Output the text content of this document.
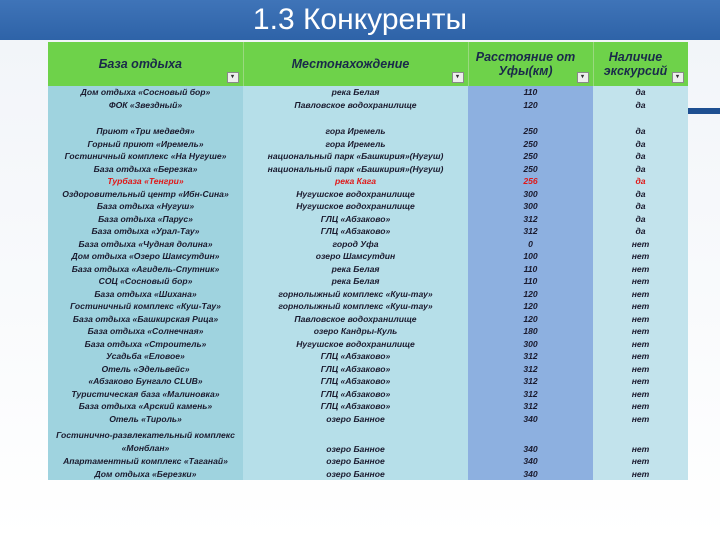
1.3 Конкуренты
База отдыха
▾	Местонахождение
▾	Расстояние от Уфы(км) ▾	Наличие экскурсий ▾

Дом отдыха «Сосновый бор»	река Белая	110	да
ФОК «Звездный»	Павловское водохранилище	120	да

Приют «Три медведя»	гора Иремель	250	да
Горный приют «Иремель»	гора Иремель	250	да
Гостиничный комплекс «На Нугуше»	национальный парк «Башкирия»(Нугуш)	250	да
База отдыха «Березка»	национальный парк «Башкирия»(Нугуш)	250	да
Турбаза «Тенгри»	река Кага	256	да
Оздоровительный центр «Ибн-Сина»	Нугушское водохранилище	300	да
База отдыха «Нугуш»	Нугушское водохранилище	300	да
База отдыха «Парус»	ГЛЦ «Абзаково»	312	да
База отдыха «Урал-Тау»	ГЛЦ «Абзаково»	312	да
База отдыха «Чудная долина»	город Уфа	0	нет
Дом отдыха «Озеро Шамсутдин»	озеро Шамсутдин	100	нет
База отдыха «Агидель-Спутник»	река Белая	110	нет
СОЦ «Сосновый бор»	река Белая	110	нет
База отдыха «Шихана»	горнолыжный комплекс «Куш-тау»	120	нет
Гостиничный комплекс «Куш-Тау»	горнолыжный комплекс «Куш-тау»	120	нет
База отдыха «Башкирская Рица»	Павловское водохранилище	120	нет
База отдыха «Солнечная»	озеро Кандры-Куль	180	нет
База отдыха «Строитель»	Нугушское водохранилище	300	нет
Усадьба «Еловое»	ГЛЦ «Абзаково»	312	нет
Отель «Эдельвейс»	ГЛЦ «Абзаково»	312	нет
«Абзаково Бунгало CLUB»	ГЛЦ «Абзаково»	312	нет
Туристическая база «Малиновка»	ГЛЦ «Абзаково»	312	нет
База отдыха «Арский камень»	ГЛЦ «Абзаково»	312	нет
Отель «Тироль»	озеро Банное	340	нет
Гостинично-развлекательный комплекс «Монблан»	озеро Банное	340	нет
Апартаментный комплекс «Таганай»	озеро Банное	340	нет
Дом отдыха «Березки»	озеро Банное	340	нет
